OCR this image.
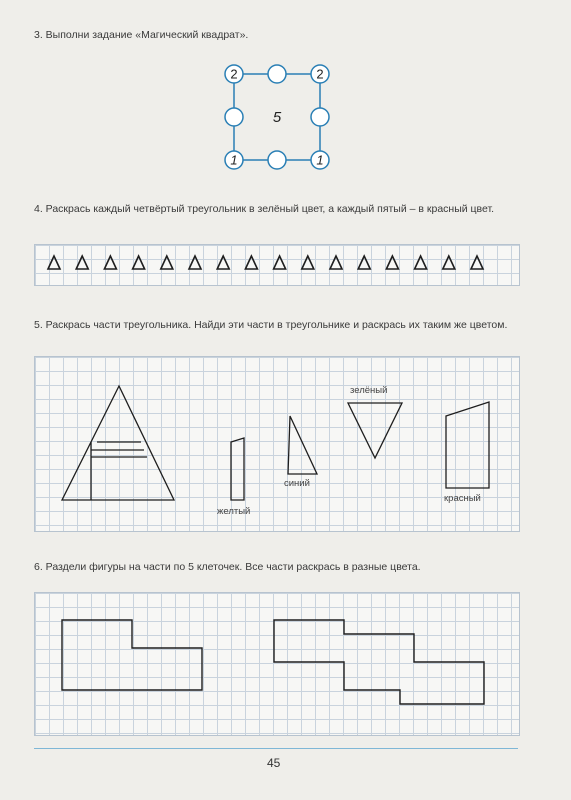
3. Выполни задание «Магический квадрат».
2	2
1	1
5
4. Раскрась каждый четвёртый треугольник в зелёный цвет, а каждый пятый – в красный цвет.
5. Раскрась части треугольника. Найди эти части в треугольнике и раскрась их таким же цветом.
зелёный
синий
желтый
красный
6. Раздели фигуры на части по 5 клеточек. Все части раскрась в разные цвета.
45
